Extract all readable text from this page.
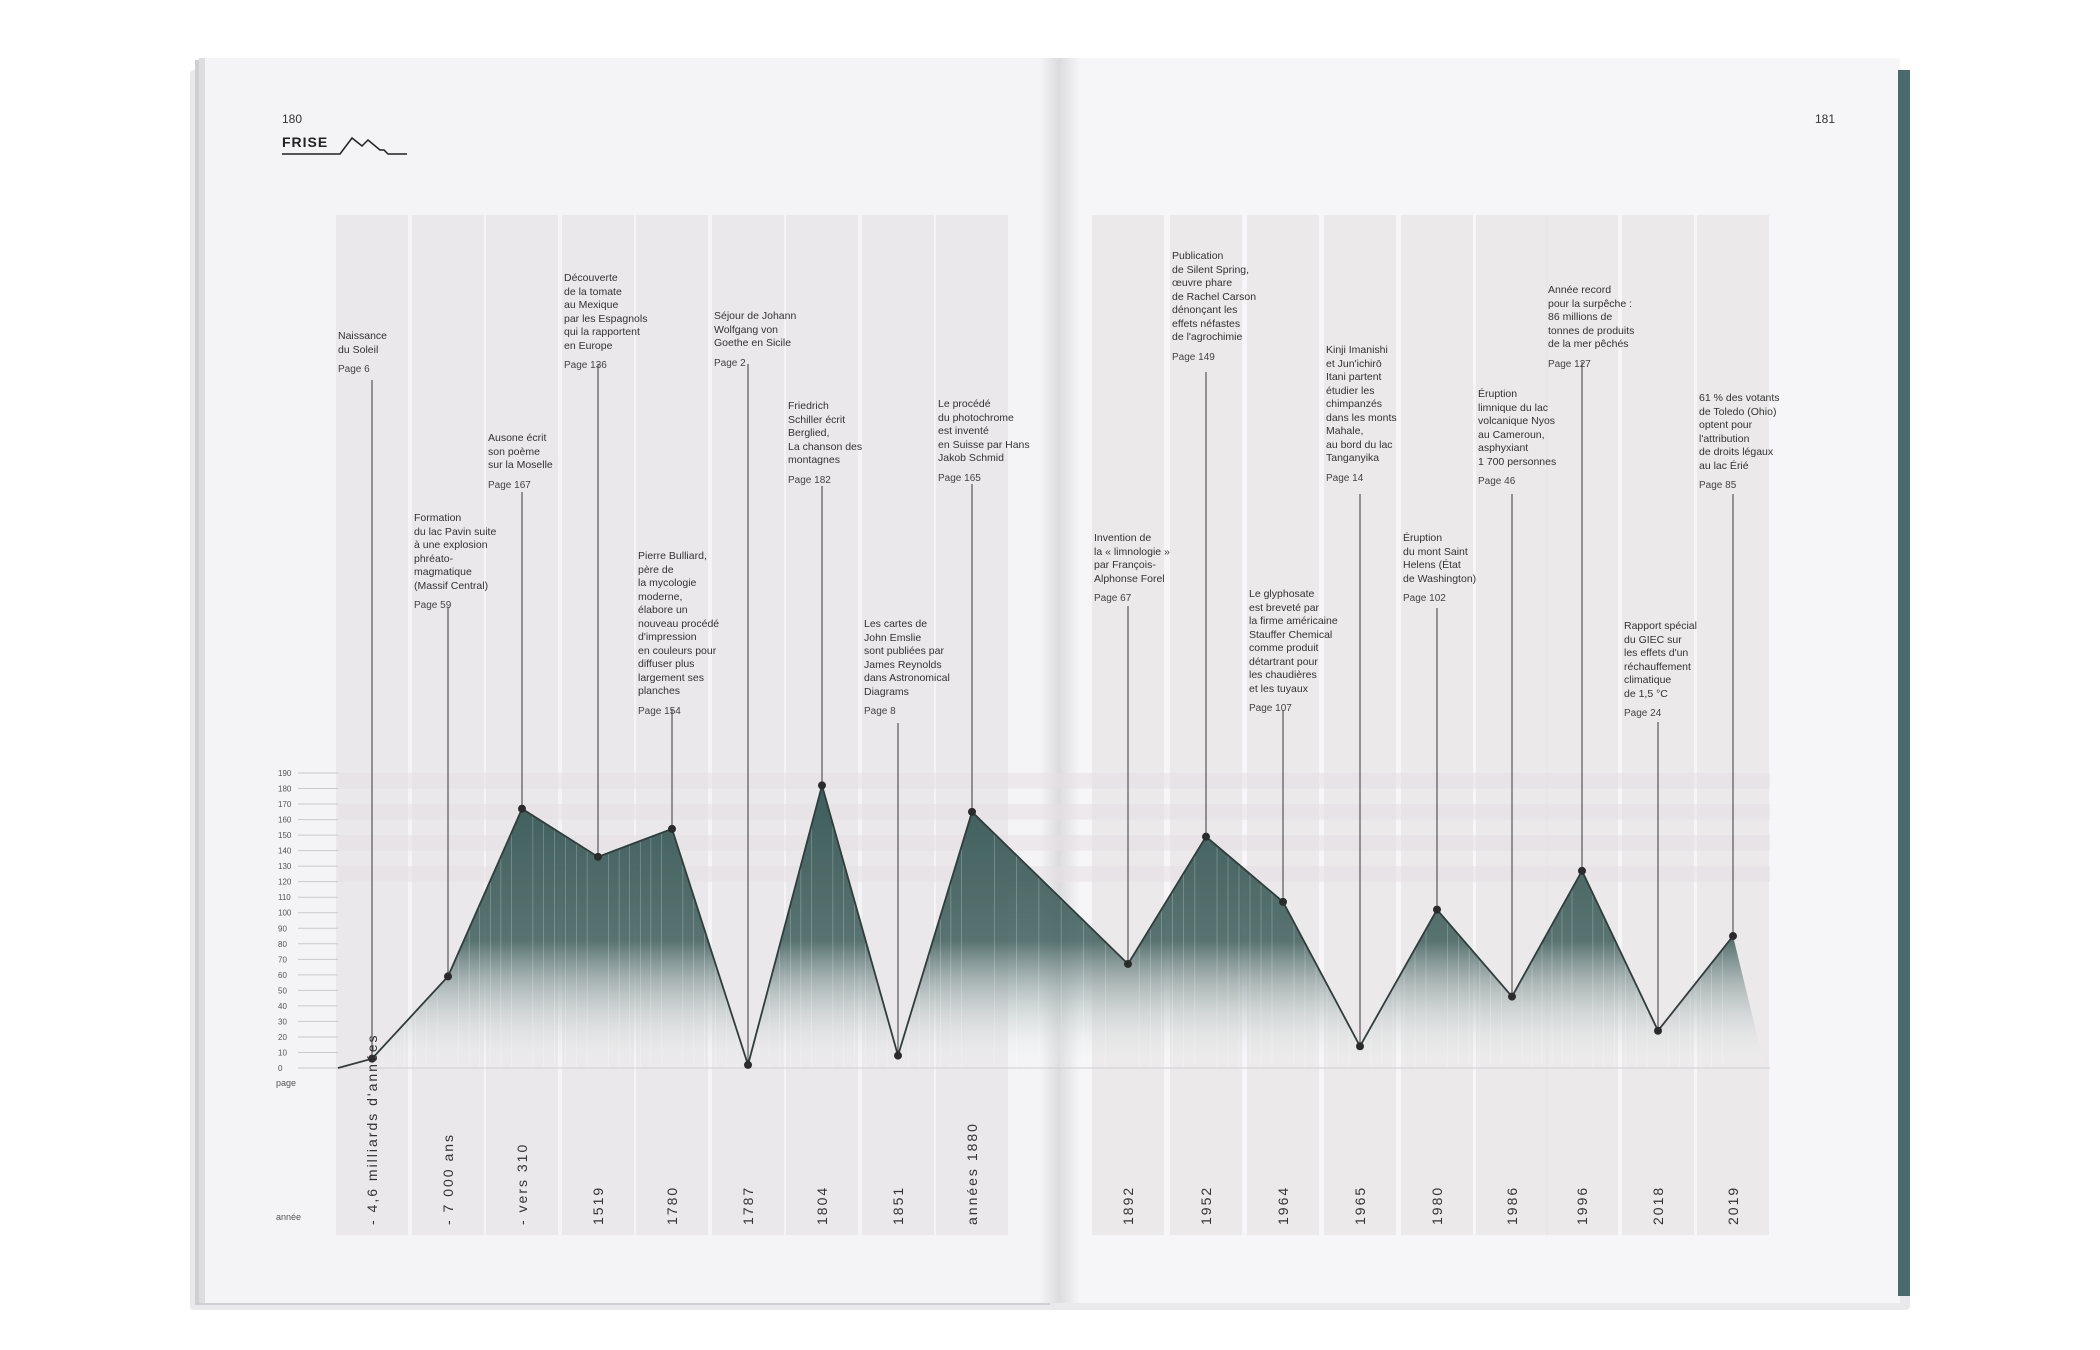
180	181
FRISE
0
10
20
30
40
50
60
70
80
90
100
110
120
130
140
150
160
170
180
190
Naissance
du Soleil
Page 6
Formation
du lac Pavin suite
à une explosion
phréato-
magmatique
(Massif Central)
Page 59
Ausone écrit
son poème
sur la Moselle
Page 167
Découverte
de la tomate
au Mexique
par les Espagnols
qui la rapportent
en Europe
Page 136
Pierre Bulliard,
père de
la mycologie
moderne,
élabore un
nouveau procédé
d'impression
en couleurs pour
diffuser plus
largement ses
planches
Page 154
Séjour de Johann
Wolfgang von
Goethe en Sicile
Page 2
Friedrich
Schiller écrit
Berglied,
La chanson des
montagnes
Page 182
Les cartes de
John Emslie
sont publiées par
James Reynolds
dans Astronomical
Diagrams
Page 8
Le procédé
du photochrome
est inventé
en Suisse par Hans
Jakob Schmid
Page 165
Invention de
la « limnologie »
par François-
Alphonse Forel
Page 67
Publication
de Silent Spring,
œuvre phare
de Rachel Carson
dénonçant les
effets néfastes
de l'agrochimie
Page 149
Le glyphosate
est breveté par
la firme américaine
Stauffer Chemical
comme produit
détartrant pour
les chaudières
et les tuyaux
Page 107
Kinji Imanishi
et Jun'ichirō
Itani partent
étudier les
chimpanzés
dans les monts
Mahale,
au bord du lac
Tanganyika
Page 14
Éruption
du mont Saint
Helens (État
de Washington)
Page 102
Éruption
limnique du lac
volcanique Nyos
au Cameroun,
asphyxiant
1 700 personnes
Page 46
Année record
pour la surpêche :
86 millions de
tonnes de produits
de la mer pêchés
Page 127
Rapport spécial
du GIEC sur
les effets d'un
réchauffement
climatique
de 1,5 °C
Page 24
61 % des votants
de Toledo (Ohio)
optent pour
l'attribution
de droits légaux
au lac Érié
Page 85
- 4,6 milliards d'années	- 7 000 ans	- vers 310	1519	1780	1787	1804	1851	années 1880	1892	1952	1964	1965	1980	1986	1996	2018	2019
page
année
